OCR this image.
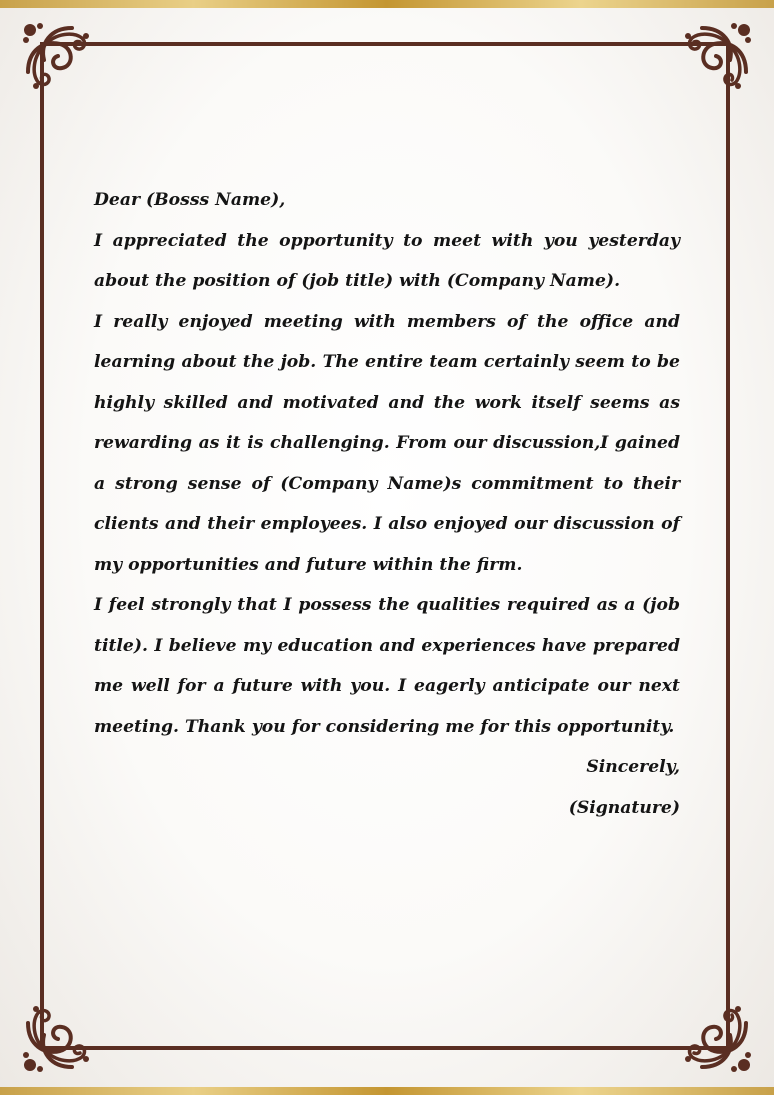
Dear (Bosss Name),

I appreciated the opportunity to meet with you yesterday about the position of (job title) with (Company Name).

I really enjoyed meeting with members of the office and learning about the job. The entire team certainly seem to be highly skilled and motivated and the work itself seems as rewarding as it is challenging. From our discussion,I gained a strong sense of (Company Name)s commitment to their clients and their employees. I also enjoyed our discussion of my opportunities and future within the firm.

I feel strongly that I possess the qualities required as a (job title). I believe my education and experiences have prepared me well for a future with you. I eagerly anticipate our next meeting. Thank you for considering me for this opportunity.

Sincerely,

(Signature)
